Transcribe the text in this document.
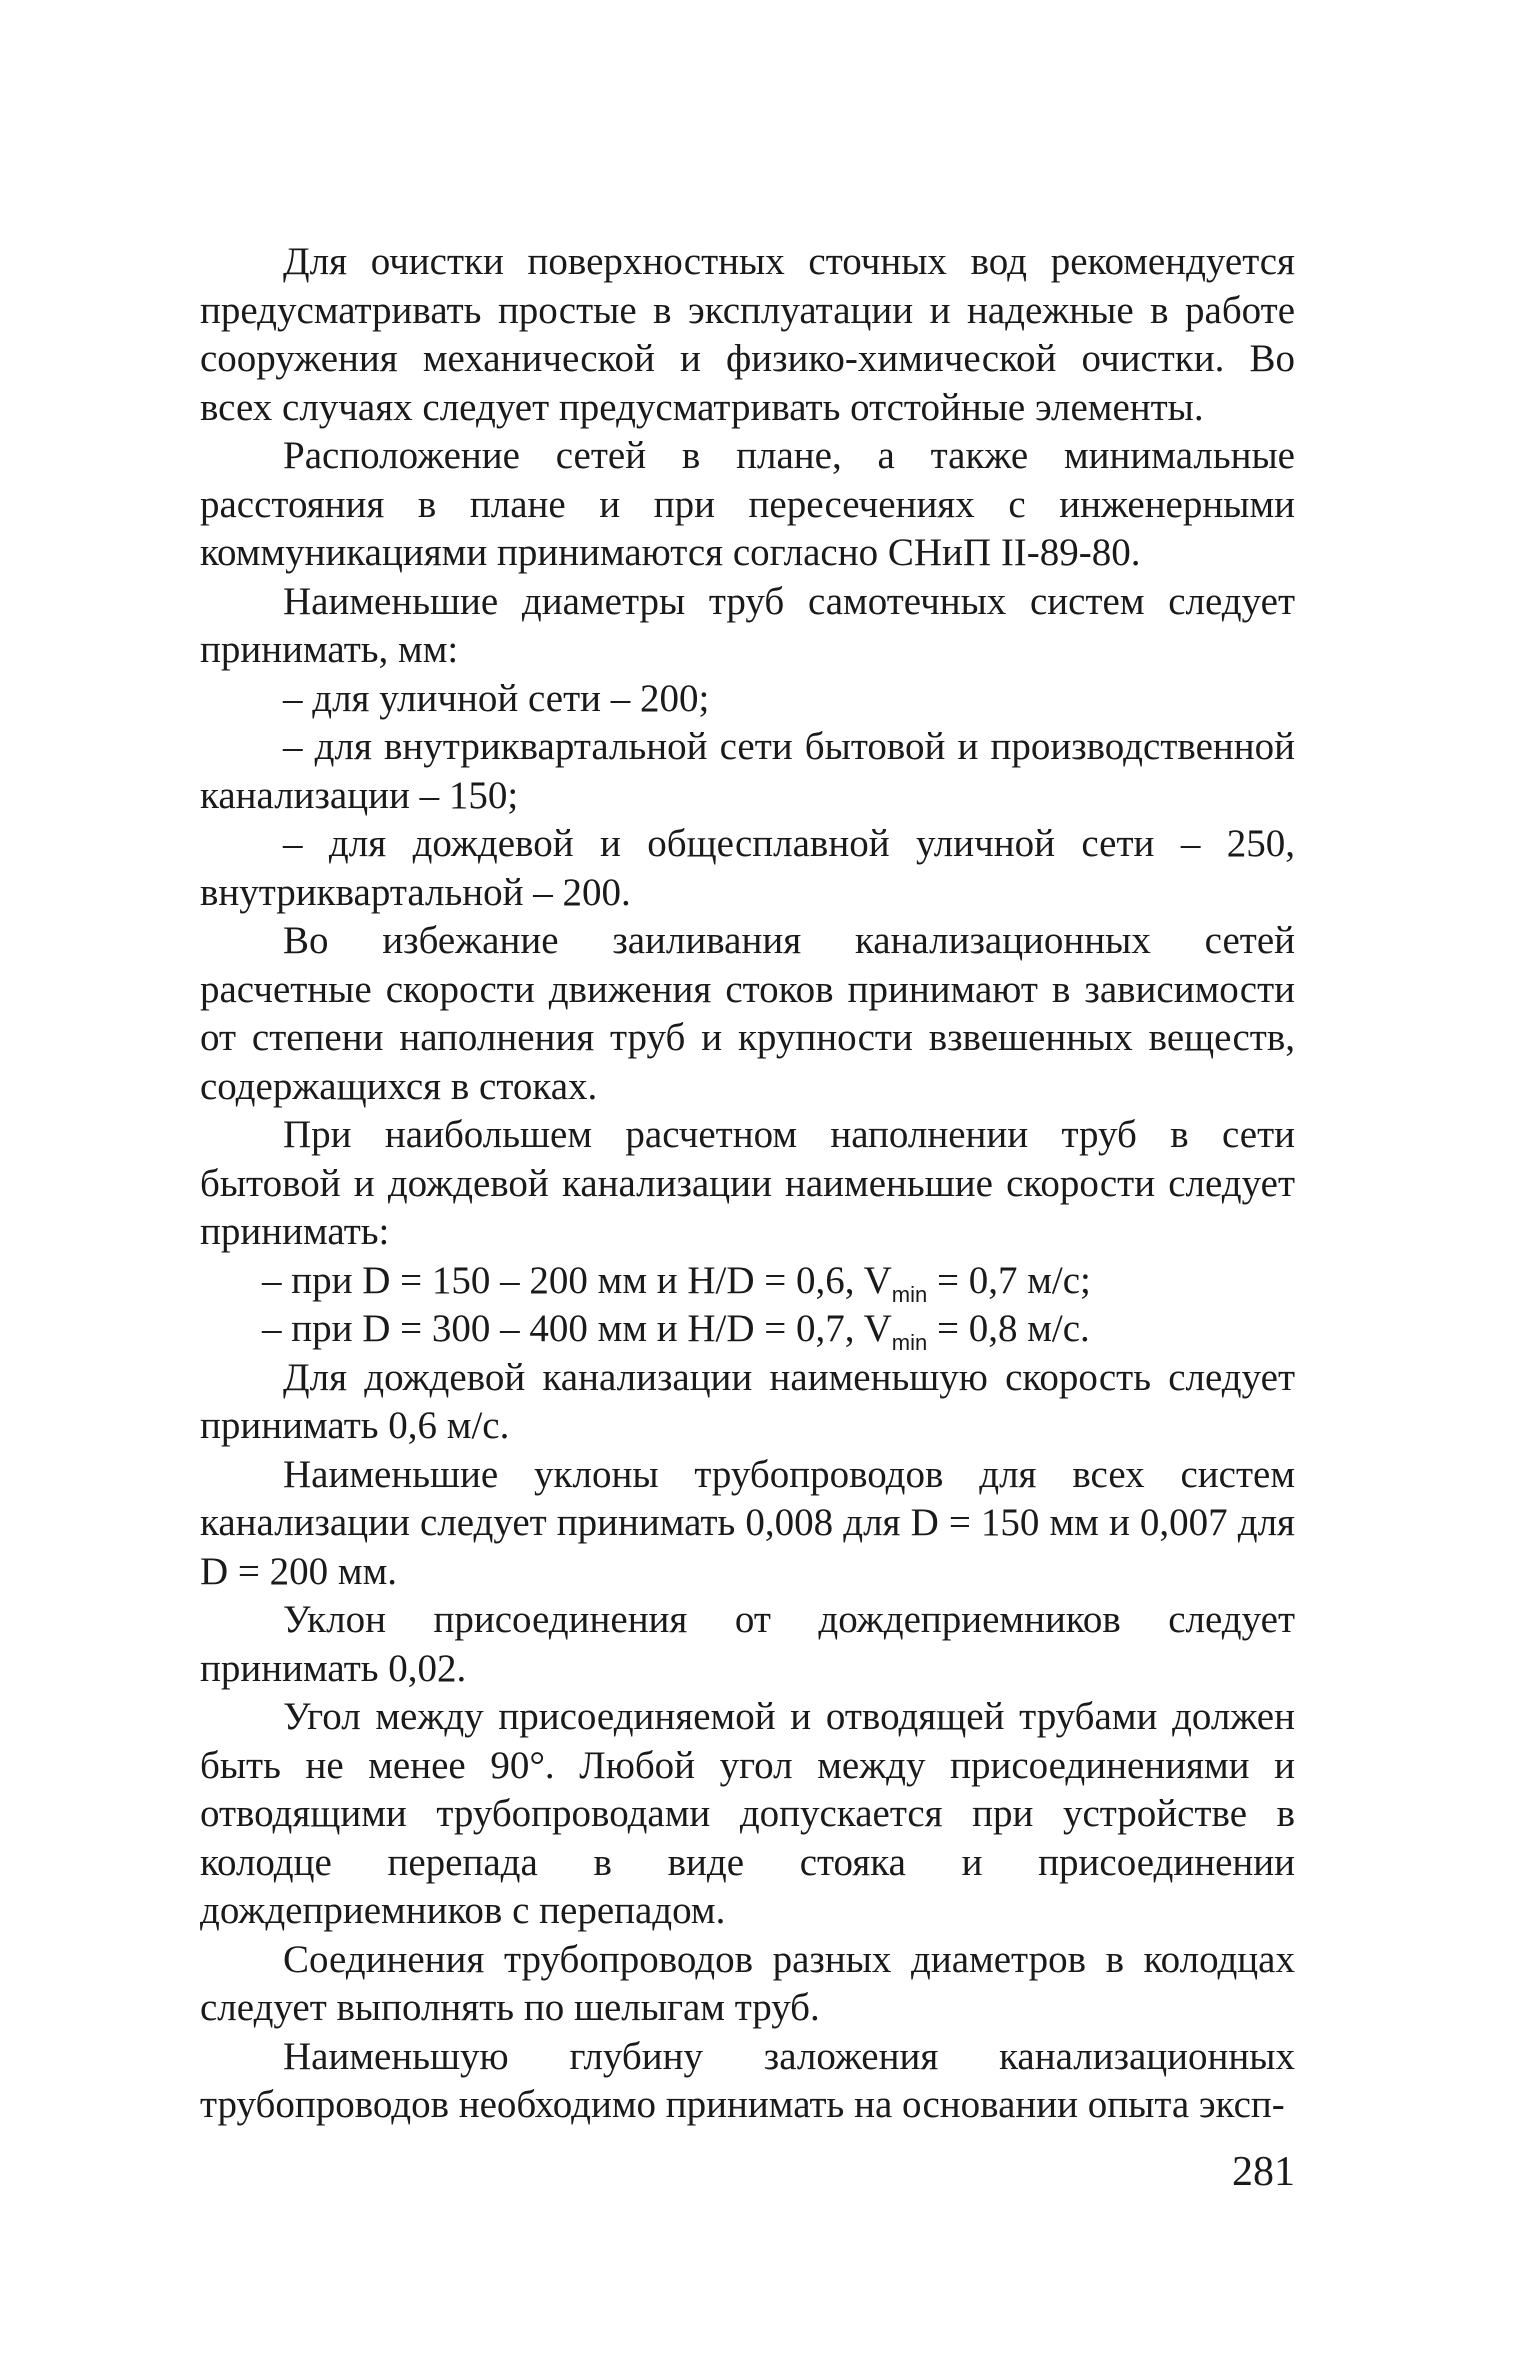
Для очистки поверхностных сточных вод рекомендуется предусматривать простые в эксплуатации и надежные в работе сооружения механической и физико-химической очистки. Во всех случаях следует предусматривать отстойные элементы.

Расположение сетей в плане, а также минимальные расстояния в плане и при пересечениях с инженерными коммуникациями принимаются согласно СНиП II-89-80.

Наименьшие диаметры труб самотечных систем следует принимать, мм:

– для уличной сети – 200;

– для внутриквартальной сети бытовой и производственной канализации – 150;

– для дождевой и общесплавной уличной сети – 250, внутриквартальной – 200.

Во избежание заиливания канализационных сетей расчетные скорости движения стоков принимают в зависимости от степени наполнения труб и крупности взвешенных веществ, содержащихся в стоках.

При наибольшем расчетном наполнении труб в сети бытовой и дождевой канализации наименьшие скорости следует принимать:

– при D = 150 – 200 мм и H/D = 0,6, $V_{min} = 0,7$ м/с;

– при D = 300 – 400 мм и H/D = 0,7, $V_{min} = 0,8$ м/с.

Для дождевой канализации наименьшую скорость следует принимать 0,6 м/с.

Наименьшие уклоны трубопроводов для всех систем канализации следует принимать 0,008 для D = 150 мм и 0,007 для D = 200 мм.

Уклон присоединения от дождеприемников следует принимать 0,02.

Угол между присоединяемой и отводящей трубами должен быть не менее 90°. Любой угол между присоединениями и отводящими трубопроводами допускается при устройстве в колодце перепада в виде стояка и присоединении дождеприемников с перепадом.

Соединения трубопроводов разных диаметров в колодцах следует выполнять по шелыгам труб.

Наименьшую глубину заложения канализационных трубопроводов необходимо принимать на основании опыта эксп-

281
